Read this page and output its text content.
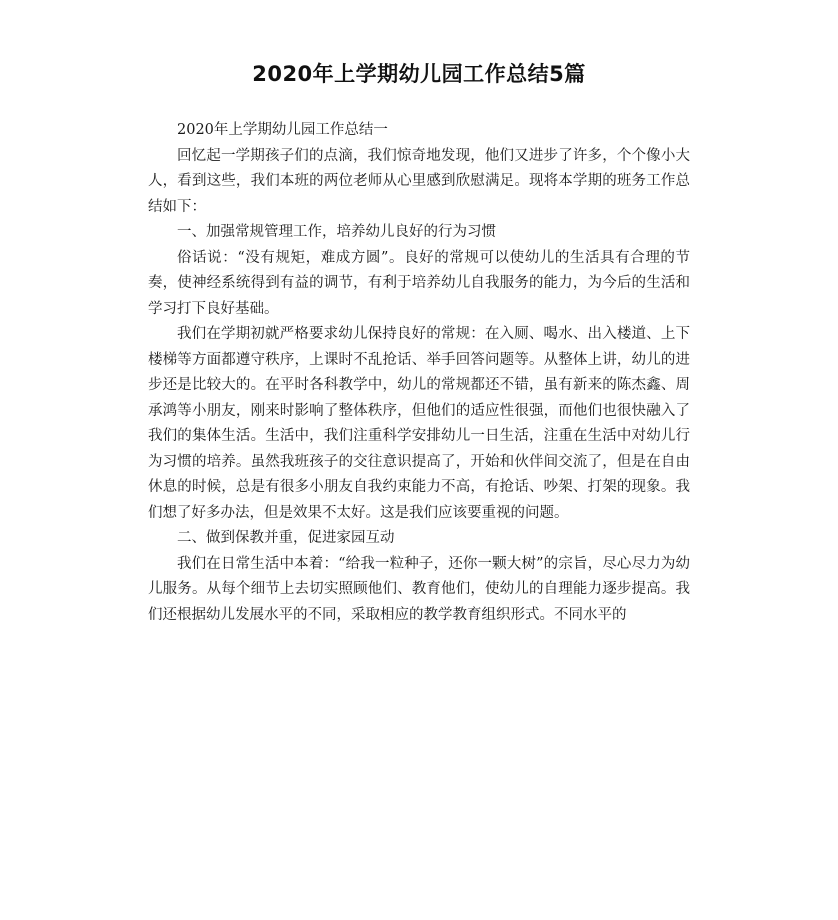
2020年上学期幼儿园工作总结5篇

2020年上学期幼儿园工作总结一

回忆起一学期孩子们的点滴，我们惊奇地发现，他们又进步了许多，个个像小大人，看到这些，我们本班的两位老师从心里感到欣慰满足。现将本学期的班务工作总结如下：

一、加强常规管理工作，培养幼儿良好的行为习惯

俗话说：“没有规矩，难成方圆”。良好的常规可以使幼儿的生活具有合理的节奏，使神经系统得到有益的调节，有利于培养幼儿自我服务的能力，为今后的生活和学习打下良好基础。

我们在学期初就严格要求幼儿保持良好的常规：在入厕、喝水、出入楼道、上下楼梯等方面都遵守秩序，上课时不乱抢话、举手回答问题等。从整体上讲，幼儿的进步还是比较大的。在平时各科教学中，幼儿的常规都还不错，虽有新来的陈杰鑫、周承鸿等小朋友，刚来时影响了整体秩序，但他们的适应性很强，而他们也很快融入了我们的集体生活。生活中，我们注重科学安排幼儿一日生活，注重在生活中对幼儿行为习惯的培养。虽然我班孩子的交往意识提高了，开始和伙伴间交流了，但是在自由休息的时候，总是有很多小朋友自我约束能力不高，有抢话、吵架、打架的现象。我们想了好多办法，但是效果不太好。这是我们应该要重视的问题。

二、做到保教并重，促进家园互动

我们在日常生活中本着：“给我一粒种子，还你一颗大树”的宗旨，尽心尽力为幼儿服务。从每个细节上去切实照顾他们、教育他们，使幼儿的自理能力逐步提高。我们还根据幼儿发展水平的不同，采取相应的教学教育组织形式。不同水平的
